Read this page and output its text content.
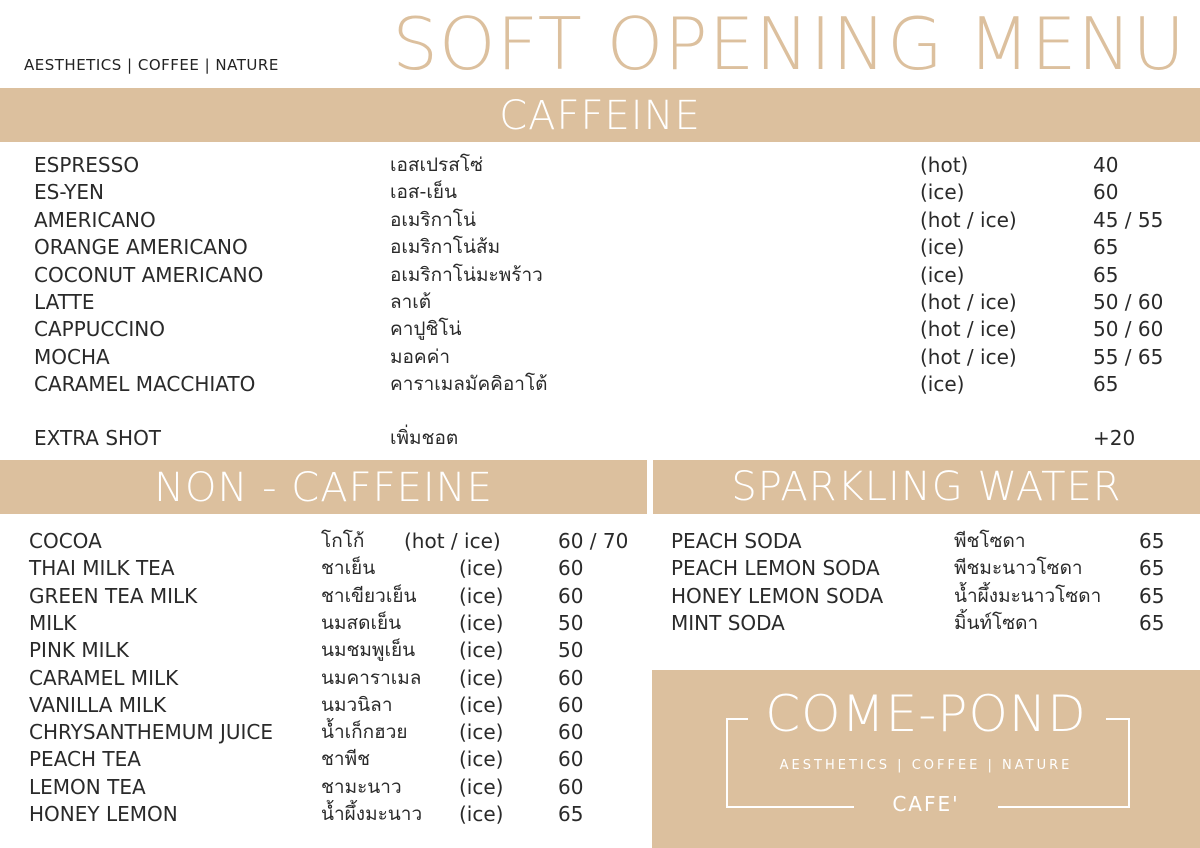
AESTHETICS | COFFEE | NATURE SOFT OPENING MENU
CAFFEINE
ESPRESSO	เอสเปรสโซ่	(hot)	40
ES-YEN	เอส-เย็น	(ice)	60
AMERICANO	อเมริกาโน่	(hot / ice)	45 / 55
ORANGE AMERICANO	อเมริกาโน่ส้ม	(ice)	65
COCONUT AMERICANO	อเมริกาโน่มะพร้าว	(ice)	65
LATTE	ลาเต้	(hot / ice)	50 / 60
CAPPUCCINO	คาปูชิโน่	(hot / ice)	50 / 60
MOCHA	มอคค่า	(hot / ice)	55 / 65
CARAMEL MACCHIATO	คาราเมลมัคคิอาโต้	(ice)	65
EXTRA SHOT	เพิ่มชอต	+20
NON - CAFFEINE
COCOA	โกโก้ (hot / ice)	60 / 70
THAI MILK TEA	ชาเย็น	(ice)	60
GREEN TEA MILK	ชาเขียวเย็น (ice)	60
MILK	นมสดเย็น	(ice)	50
PINK MILK	นมชมพูเย็น (ice)	50
CARAMEL MILK	นมคาราเมล (ice)	60
VANILLA MILK	นมวนิลา	(ice)	60
CHRYSANTHEMUM JUICE	น้ำเก็กฮวย	(ice)	60
PEACH TEA	ชาพีช	(ice)	60
LEMON TEA	ชามะนาว	(ice)	60
HONEY LEMON	น้ำผึ้งมะนาว (ice)	65
SPARKLING WATER
PEACH SODA	พีชโซดา	65
PEACH LEMON SODA	พีชมะนาวโซดา	65
HONEY LEMON SODA	น้ำผึ้งมะนาวโซดา 65
MINT SODA	มิ้นท์โซดา	65
COME-POND
AESTHETICS | COFFEE | NATURE
CAFE'
